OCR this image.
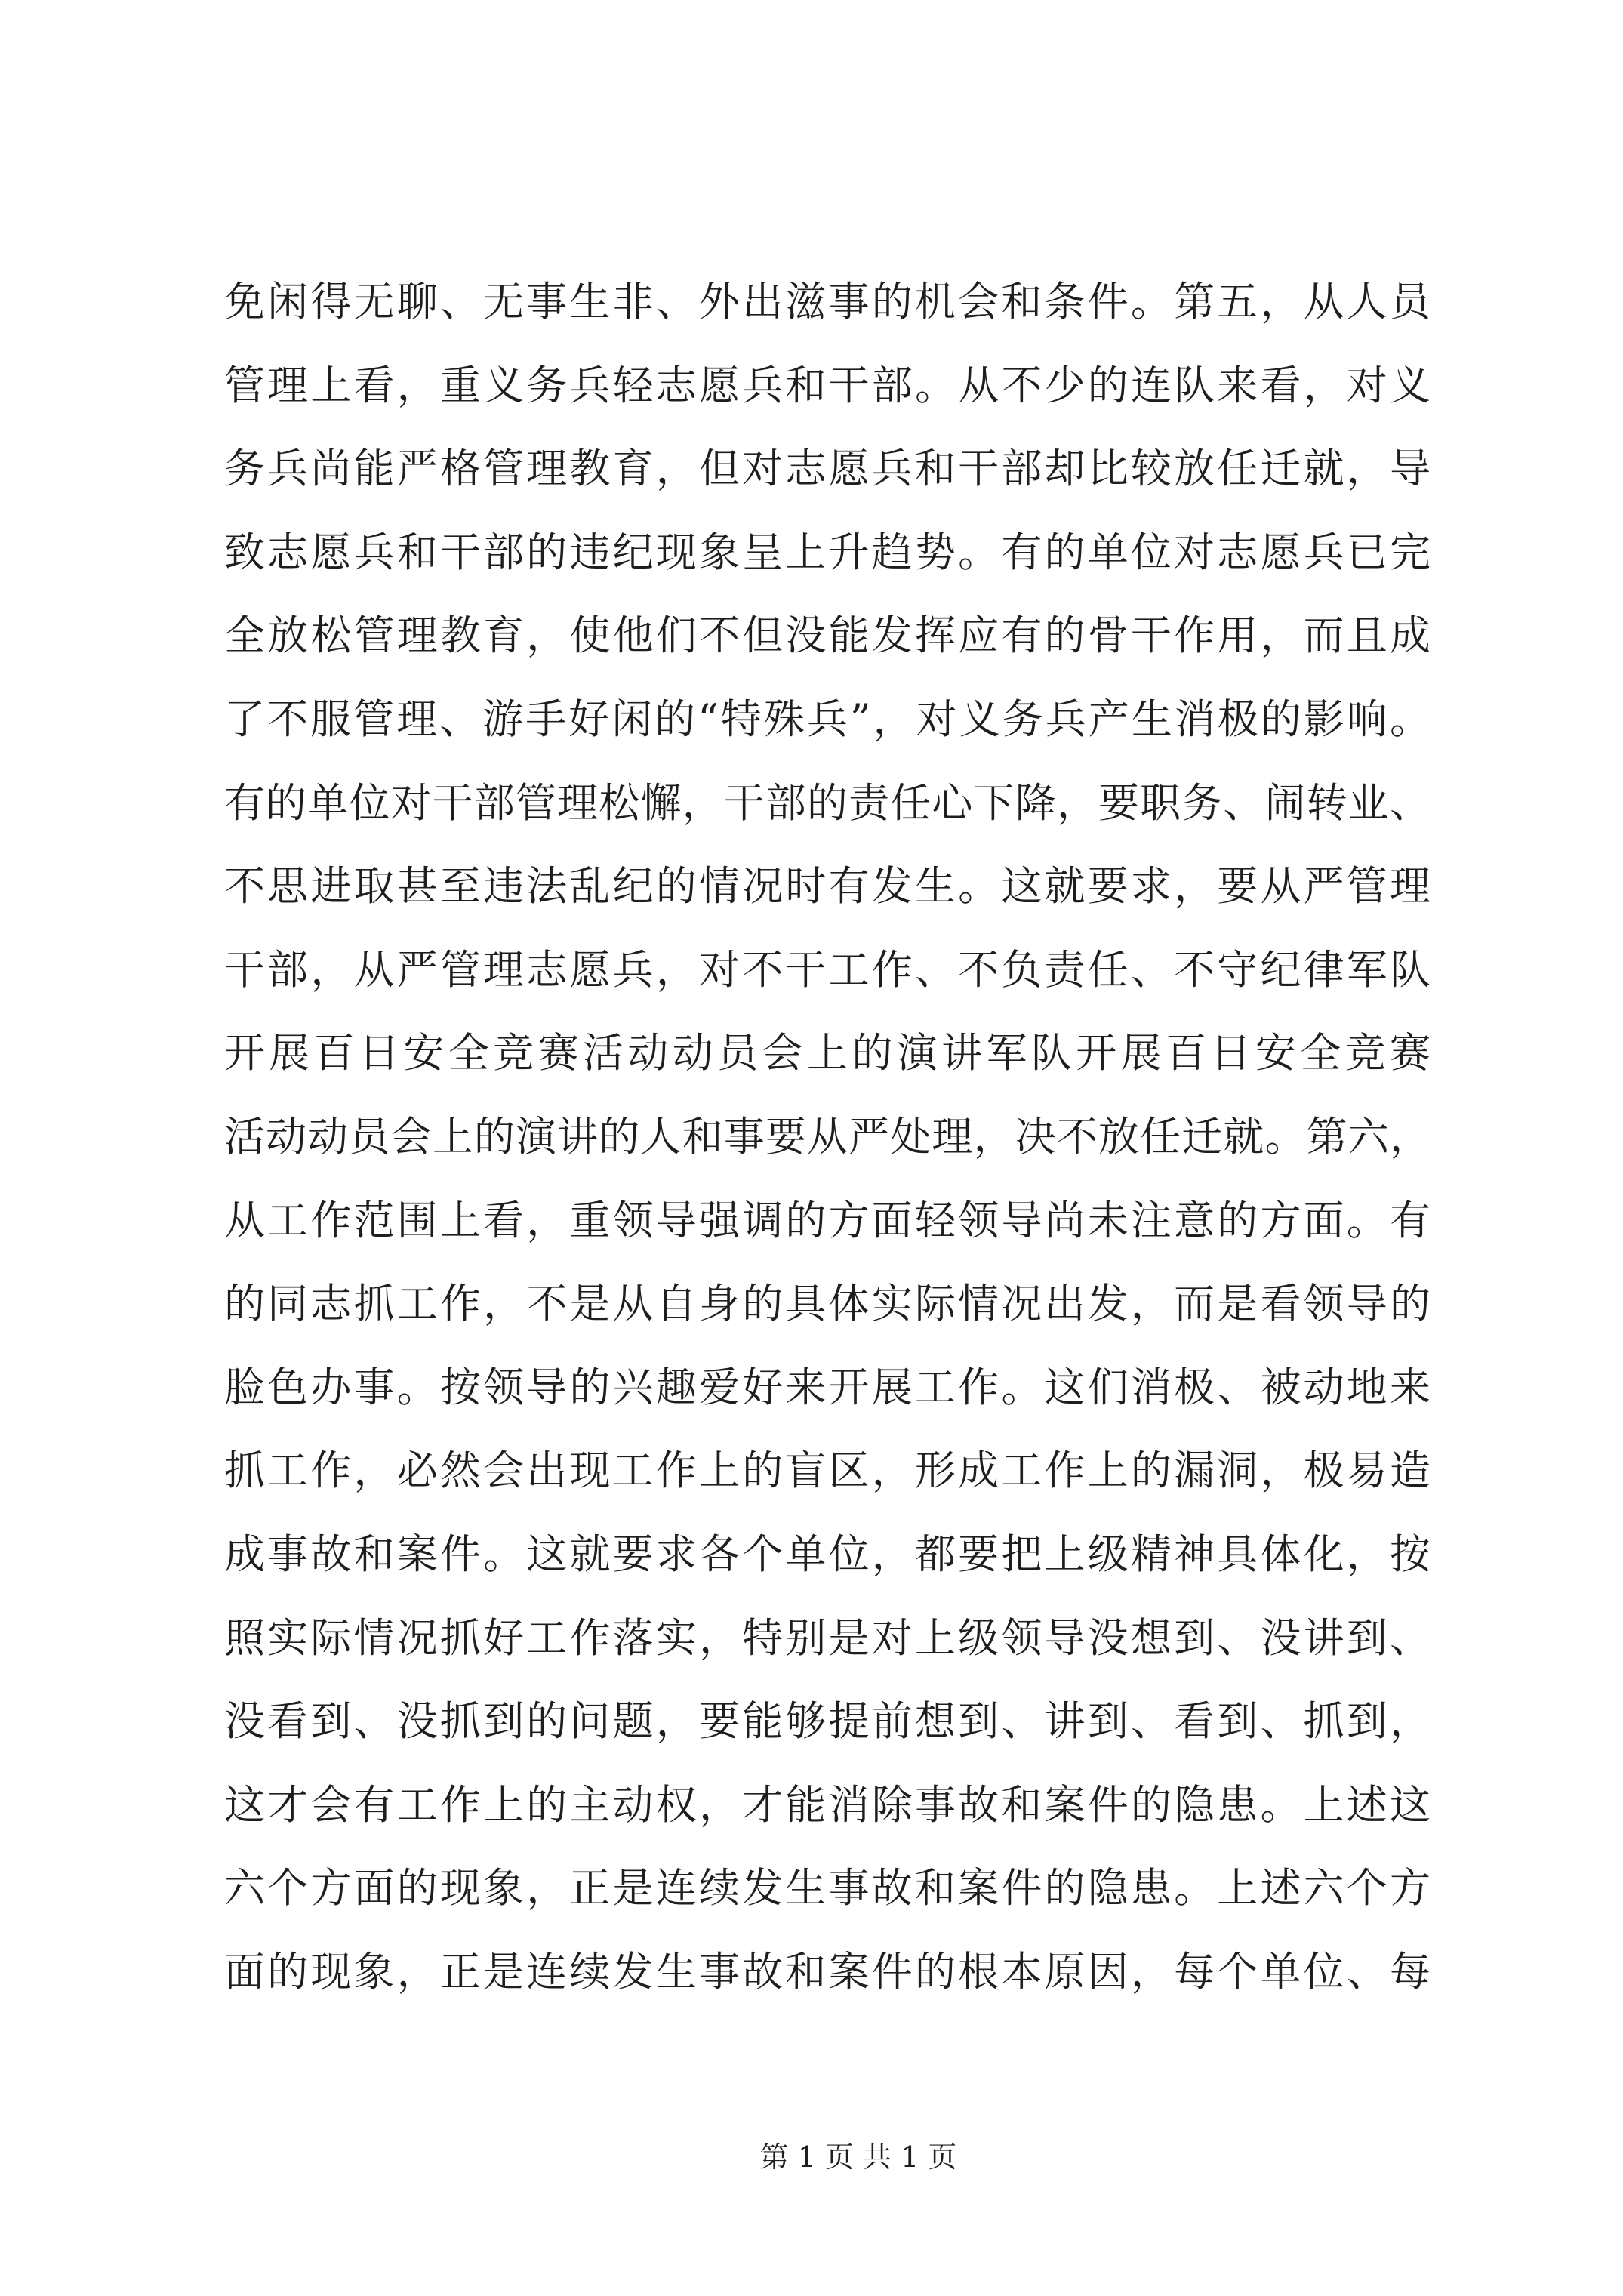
免闲得无聊、无事生非、外出滋事的机会和条件。第五，从人员
管理上看，重义务兵轻志愿兵和干部。从不少的连队来看，对义
务兵尚能严格管理教育，但对志愿兵和干部却比较放任迁就，导
致志愿兵和干部的违纪现象呈上升趋势。有的单位对志愿兵已完
全放松管理教育，使他们不但没能发挥应有的骨干作用，而且成
了不服管理、游手好闲的“特殊兵”，对义务兵产生消极的影响。
有的单位对干部管理松懈，干部的责任心下降，要职务、闹转业、
不思进取甚至违法乱纪的情况时有发生。这就要求，要从严管理
干部，从严管理志愿兵，对不干工作、不负责任、不守纪律军队
开展百日安全竞赛活动动员会上的演讲军队开展百日安全竞赛
活动动员会上的演讲的人和事要从严处理，决不放任迁就。第六，
从工作范围上看，重领导强调的方面轻领导尚未注意的方面。有
的同志抓工作，不是从自身的具体实际情况出发，而是看领导的
脸色办事。按领导的兴趣爱好来开展工作。这们消极、被动地来
抓工作，必然会出现工作上的盲区，形成工作上的漏洞，极易造
成事故和案件。这就要求各个单位，都要把上级精神具体化，按
照实际情况抓好工作落实，特别是对上级领导没想到、没讲到、
没看到、没抓到的问题，要能够提前想到、讲到、看到、抓到，
这才会有工作上的主动权，才能消除事故和案件的隐患。上述这
六个方面的现象，正是连续发生事故和案件的隐患。上述六个方
面的现象，正是连续发生事故和案件的根本原因，每个单位、每
第 1 页 共 1 页
